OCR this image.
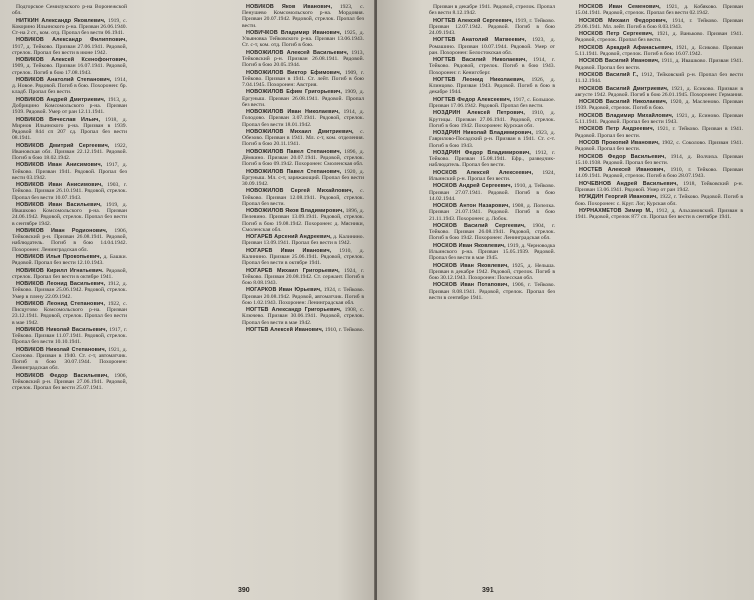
Подгорское Семилукского р-на Воронежской обл.

НИТКИН Александр Яковлевич, 1919, с. Кокорино Ильинского р-на. Призван 26.06.1940. Ст-на 2 ст., ком. отд. Пропал без вести 06.1941.

НОВИКОВ Александр Филиппович, 1917, д. Тейково. Призван 27.06.1941. Рядовой, стрелок. Пропал без вести в июне 1942.

НОВИКОВ Алексей Ксенофонтович, 1909, д. Тейково. Призван 16.07.1941. Рядовой, стрелок. Погиб в бою 17.08.1943.

НОВИКОВ Анатолий Степанович, 1914, д. Новое. Рядовой. Погиб в бою. Похоронен: бр. кладб. Пропал без вести.

НОВИКОВ Андрей Дмитриевич, 1913, д. Добрицино Комсомольского р-на. Призван 1939. Рядовой. Умер от ран 12.11.1941.

НОВИКОВ Вячеслав Ильич, 1918, д. Мирнов Ильинского р-на. Призван в 1939. Рядовой 844 сп 207 сд. Пропал без вести 08.1941.

НОВИКОВ Дмитрий Сергеевич, 1922, Ивановская обл. Призван 22.12.1941. Рядовой. Погиб в бою 18.02.1942.

НОВИКОВ Иван Анисимович, 1917, д. Тейково. Призван 1941. Рядовой. Пропал без вести 03.1942.

НОВИКОВ Иван Анисимович, 1903, г. Тейково. Призван 26.10.1941. Рядовой, стрелок. Пропал без вести 10.07.1943.

НОВИКОВ Иван Васильевич, 1919, д. Ивашково Комсомольского р-на. Призван 24.06.1942. Рядовой, стрелок. Пропал без вести в сентябре 1942.

НОВИКОВ Иван Родионович, 1906, Тейковский р-н. Призван 26.08.1941. Рядовой, наблюдатель. Погиб в бою 14.04.1942. Похоронен: Ленинградская обл.

НОВИКОВ Илья Прокопьевич, д. Башки. Рядовой. Пропал без вести 12.10.1943.

НОВИКОВ Кирилл Игнатьевич. Рядовой, стрелок. Пропал без вести в октябре 1941.

НОВИКОВ Леонид Васильевич, 1912, д. Тейково. Призван 25.06.1942. Рядовой, стрелок. Умер в плену 22.09.1942.

НОВИКОВ Леонид Степанович, 1922, с. Писцугово Комсомольского р-на. Призван 23.12.1941. Рядовой, стрелок. Пропал без вести в мае 1942.

НОВИКОВ Николай Васильевич, 1917, г. Тейково. Призван 11.07.1941. Рядовой, стрелок. Пропал без вести 10.10.1941.

НОВИКОВ Николай Степанович, 1921, д. Сосново. Призван в 1940. Ст. с-т, автоматчик. Погиб в бою 30.07.1944. Похоронен: Ленинградская обл.

НОВИКОВ Федор Васильевич, 1906, Тейковский р-н. Призван 27.06.1941. Рядовой, стрелок. Пропал без вести 25.07.1941.

НОВИКОВ Яков Иванович, 1923, с. Пенушево Комсомольского р-на. Мордовия. Призван 20.07.1942. Рядовой, стрелок. Пропал без вести.

НОВИЧКОВ Владимир Иванович, 1925, д. Ульяновка Тейковского р-на. Призван 13.06.1943. Ст. с-т, ком. отд. Погиб в бою.

НОВОЖИЛОВ Алексей Васильевич, 1913, Тейковский р-н. Призван 26.08.1941. Рядовой. Погиб в бою 20.05.1944.

НОВОЖИЛОВ Виктор Ефимович, 1909, г. Тейково. Призван в 1941. Ст. лейт. Погиб в бою 7.04.1945. Похоронен: Австрия.

НОВОЖИЛОВ Ефим Григорьевич, 1909, д. Ергуныш. Призван 26.08.1941. Рядовой. Пропал без вести.

НОВОЖИЛОВ Иван Николаевич, 1914, д. Голодово. Призван 3.07.1941. Рядовой, стрелок. Пропал без вести 18.01.1942.

НОВОЖИЛОВ Михаил Дмитриевич, с. Обезово. Призван в 1941. Мл. с-т, ком. отделения. Погиб в бою 20.11.1941.

НОВОЖИЛОВ Павел Степанович, 1896, д. Дёмкино. Призван 20.07.1941. Рядовой, стрелок. Погиб в бою 09.1942. Похоронен: Смоленская обл.

НОВОЖИЛОВ Павел Степанович, 1920, д. Ергуныш. Мл. с-т, заряжающий. Пропал без вести 30.09.1942.

НОВОЖИЛОВ Сергей Михайлович, с. Тейково. Призван 12.08.1941. Рядовой, стрелок. Пропал без вести.

НОВОЖИЛОВ Яков Владимирович, 1896, д. Пелевино. Призван 13.09.1941. Рядовой, стрелок. Погиб в бою 19.08.1942. Похоронен: д. Мясники, Смоленская обл.

НОГАРЕВ Арсений Андреевич, д. Калинино. Призван 13.09.1941. Пропал без вести в 1942.

НОГАРЕВ Иван Иванович, 1910, д. Калинино. Призван 25.06.1941. Рядовой, стрелок. Пропал без вести в октябре 1941.

НОГАРЕВ Михаил Григорьевич, 1924, г. Тейково. Призван 20.08.1942. Ст. сержант. Погиб в бою 8.08.1943.

НОГАРКОВ Иван Юрьевич, 1924, г. Тейково. Призван 20.08.1942. Рядовой, автоматчик. Погиб в бою 1.02.1943. Похоронен: Ленинградская обл.

НОГТЕВ Александр Григорьевич, 1908, с. Ключево. Призван 30.06.1941. Рядовой, стрелок. Пропал без вести в мае 1942.

НОГТЕВ Алексей Иванович, 1910, г. Тейково.

390

Призван в декабре 1941. Рядовой, стрелок. Пропал без вести 8.12.1942.

НОГТЕВ Алексей Сергеевич, 1919, г. Тейково. Призван 12.07.1942. Рядовой. Погиб в бою 24.09.1943.

НОГТЕВ Анатолий Матвеевич, 1923, д. Ромашино. Призван 10.07.1944. Рядовой. Умер от ран. Похоронен: Белостокская обл.

НОГТЕВ Василий Николаевич, 1914, г. Тейково. Рядовой, стрелок. Погиб в бою 1943. Похоронен: г. Кенигсберг.

НОГТЕВ Леонид Николаевич, 1926, д. Клинцово. Призван 1943. Рядовой. Погиб в бою в декабре 1944.

НОГТЕВ Федор Алексеевич, 1917, с. Большое. Призван 17.06.1942. Рядовой. Пропал без вести.

НОЗДРИН Алексей Петрович, 1910, д. Крутицы. Призван 27.06.1941. Рядовой, стрелок. Погиб в бою 1942. Похоронен: Курская обл.

НОЗДРИН Николай Владимирович, 1923, д. Гаврилово-Посадский р-н. Призван в 1941. Ст. с-т. Погиб в бою 1943.

НОЗДРИН Федор Владимирович, 1912, г. Тейково. Призван 15.08.1941. Ефр., разведчик-наблюдатель. Пропал без вести.

НОСКОВ Алексей Алексеевич, 1924, Ильинский р-н. Пропал без вести.

НОСКОВ Андрей Сергеевич, 1910, д. Тейково. Призван 27.07.1941. Рядовой. Погиб в бою 14.02.1944.

НОСКОВ Антон Назарович, 1908, д. Попелка. Призван 21.07.1941. Рядовой. Погиб в бою 21.11.1943. Похоронен: д. Лобок.

НОСКОВ Василий Сергеевич, 1904, г. Тейково. Призван 26.08.1941. Рядовой, стрелок. Погиб в бою 1942. Похоронен: Ленинградская обл.

НОСКОВ Иван Яковлевич, 1919, д. Черноводка Ильинского р-на. Призван 15.05.1939. Рядовой. Пропал без вести в мае 1945.

НОСКОВ Иван Яковлевич, 1925, д. Нельша. Призван в декабре 1942. Рядовой, стрелок. Погиб в бою 30.12.1943. Похоронен: Полесская обл.

НОСКОВ Иван Потапович, 1906, г. Тейково. Призван 8.08.1941. Рядовой, стрелок. Пропал без вести в сентябре 1941.

НОСКОВ Иван Семенович, 1921, д. Кобяково. Призван 15.04.1941. Рядовой, стрелок. Пропал без вести 02.1942.

НОСКОВ Михаил Федорович, 1914, г. Тейково. Призван 29.06.1941. Мл. лейт. Погиб в бою 8.03.1943.

НОСКОВ Петр Сергеевич, 1921, д. Ваньково. Призван 1941. Рядовой, стрелок. Пропал без вести.

НОСКОВ Аркадий Афанасьевич, 1921, д. Есиково. Призван 5.11.1941. Рядовой, стрелок. Погиб в бою 16.07.1942.

НОСКОВ Василий Иванович, 1911, д. Ивашково. Призван 1941. Рядовой. Пропал без вести.

НОСКОВ Василий Г., 1912, Тейковский р-н. Пропал без вести 11.12.1944.

НОСКОВ Василий Дмитриевич, 1921, д. Есиково. Призван в августе 1942. Рядовой. Погиб в бою 26.01.1945. Похоронен: Германия.

НОСКОВ Василий Николаевич, 1920, д. Масленово. Призван 1939. Рядовой, стрелок. Погиб в бою.

НОСКОВ Владимир Михайлович, 1921, д. Есиново. Призван 5.11.1941. Рядовой. Пропал без вести 1943.

НОСКОВ Петр Андреевич, 1921, г. Тейково. Призван в 1941. Рядовой. Пропал без вести.

НОСОВ Прокопий Иванович, 1902, с. Соколово. Призван 1941. Рядовой. Пропал без вести.

НОСКОВ Федор Васильевич, 1914, д. Волчиха. Призван 15.10.1938. Рядовой. Пропал без вести.

НОСТЕВ Алексей Иванович, 1910, г. Тейково. Призван 14.09.1941. Рядовой, стрелок. Погиб в бою 28.07.1943.

НОЧЕВНОВ Андрей Васильевич, 1918, Тейковский р-н. Призван 13.06.1941. Рядовой. Умер от ран 1942.

НУЖДИН Георгий Иванович, 1922, г. Тейково. Рядовой. Погиб в бою. Похоронен: с. Круг. Лог, Курская обл.

НУРНАХМЕТОВ Зимир М., 1912, д. Альхамовский. Призван в 1941. Рядовой, стрелок 877 сп. Пропал без вести в сентябре 1941.

391
